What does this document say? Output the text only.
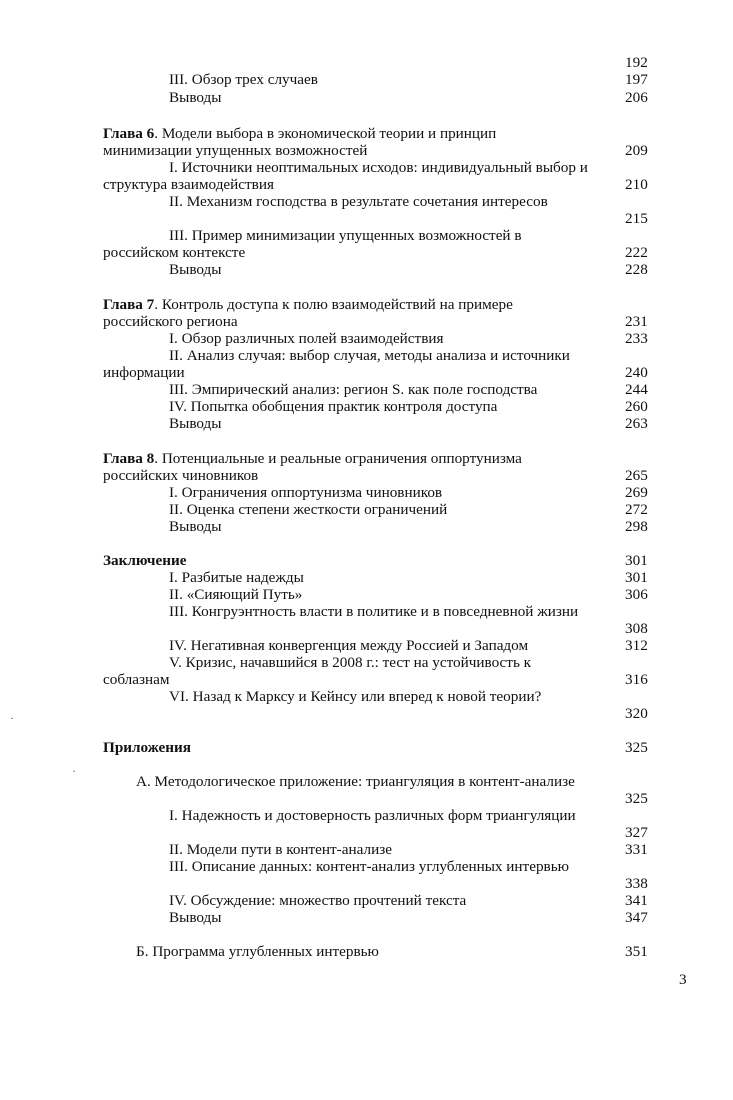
192
III. Обзор трех случаев	197
Выводы	206
Глава 6. Модели выбора в экономической теории и принцип
минимизации упущенных возможностей	209
I. Источники неоптимальных исходов: индивидуальный выбор и
структура взаимодействия	210
II. Механизм господства в результате сочетания интересов
215
III. Пример минимизации упущенных возможностей в
российском контексте	222
Выводы	228
Глава 7. Контроль доступа к полю взаимодействий на примере
российского региона	231
I. Обзор различных полей взаимодействия	233
II. Анализ случая: выбор случая, методы анализа и источники
информации	240
III. Эмпирический анализ: регион S. как поле господства	244
IV. Попытка обобщения практик контроля доступа	260
Выводы	263
Глава 8. Потенциальные и реальные ограничения оппортунизма
российских чиновников	265
I. Ограничения оппортунизма чиновников	269
II. Оценка степени жесткости ограничений	272
Выводы	298
Заключение	301
I. Разбитые надежды	301
II. «Сияющий Путь»	306
III. Конгруэнтность власти в политике и в повседневной жизни
308
IV. Негативная конвергенция между Россией и Западом	312
V. Кризис, начавшийся в 2008 г.: тест на устойчивость к
соблазнам	316
VI. Назад к Марксу и Кейнсу или вперед к новой теории?
320
·
·
Приложения	325
А. Методологическое приложение: триангуляция в контент-анализе
325
I. Надежность и достоверность различных форм триангуляции
327
II. Модели пути в контент-анализе	331
III. Описание данных: контент-анализ углубленных интервью
338
IV. Обсуждение: множество прочтений текста	341
Выводы	347
Б. Программа углубленных интервью	351
3
